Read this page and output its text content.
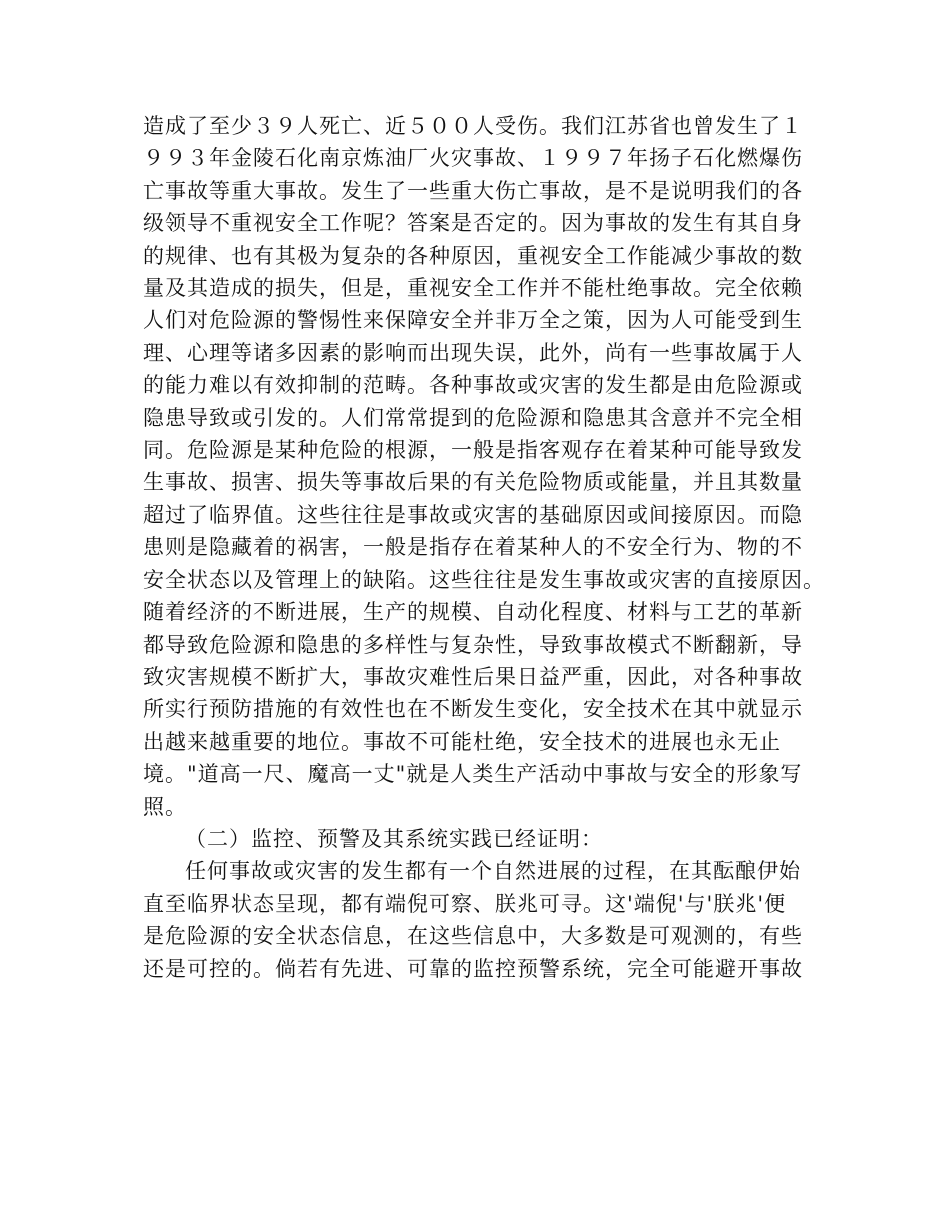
造成了至少３９人死亡、近５００人受伤。我们江苏省也曾发生了１
９９３年金陵石化南京炼油厂火灾事故、１９９７年扬子石化燃爆伤
亡事故等重大事故。发生了一些重大伤亡事故，是不是说明我们的各
级领导不重视安全工作呢？答案是否定的。因为事故的发生有其自身
的规律、也有其极为复杂的各种原因，重视安全工作能减少事故的数
量及其造成的损失，但是，重视安全工作并不能杜绝事故。完全依赖
人们对危险源的警惕性来保障安全并非万全之策，因为人可能受到生
理、心理等诸多因素的影响而出现失误，此外，尚有一些事故属于人
的能力难以有效抑制的范畴。各种事故或灾害的发生都是由危险源或
隐患导致或引发的。人们常常提到的危险源和隐患其含意并不完全相
同。危险源是某种危险的根源，一般是指客观存在着某种可能导致发
生事故、损害、损失等事故后果的有关危险物质或能量，并且其数量
超过了临界值。这些往往是事故或灾害的基础原因或间接原因。而隐
患则是隐藏着的祸害，一般是指存在着某种人的不安全行为、物的不
安全状态以及管理上的缺陷。这些往往是发生事故或灾害的直接原因。
随着经济的不断进展，生产的规模、自动化程度、材料与工艺的革新
都导致危险源和隐患的多样性与复杂性，导致事故模式不断翻新，导
致灾害规模不断扩大，事故灾难性后果日益严重，因此，对各种事故
所实行预防措施的有效性也在不断发生变化，安全技术在其中就显示
出越来越重要的地位。事故不可能杜绝，安全技术的进展也永无止
境。"道高一尺、魔高一丈"就是人类生产活动中事故与安全的形象写
照。
（二）监控、预警及其系统实践已经证明：
任何事故或灾害的发生都有一个自然进展的过程，在其酝酿伊始
直至临界状态呈现，都有端倪可察、朕兆可寻。这'端倪'与'朕兆'便
是危险源的安全状态信息，在这些信息中，大多数是可观测的，有些
还是可控的。倘若有先进、可靠的监控预警系统，完全可能避开事故
